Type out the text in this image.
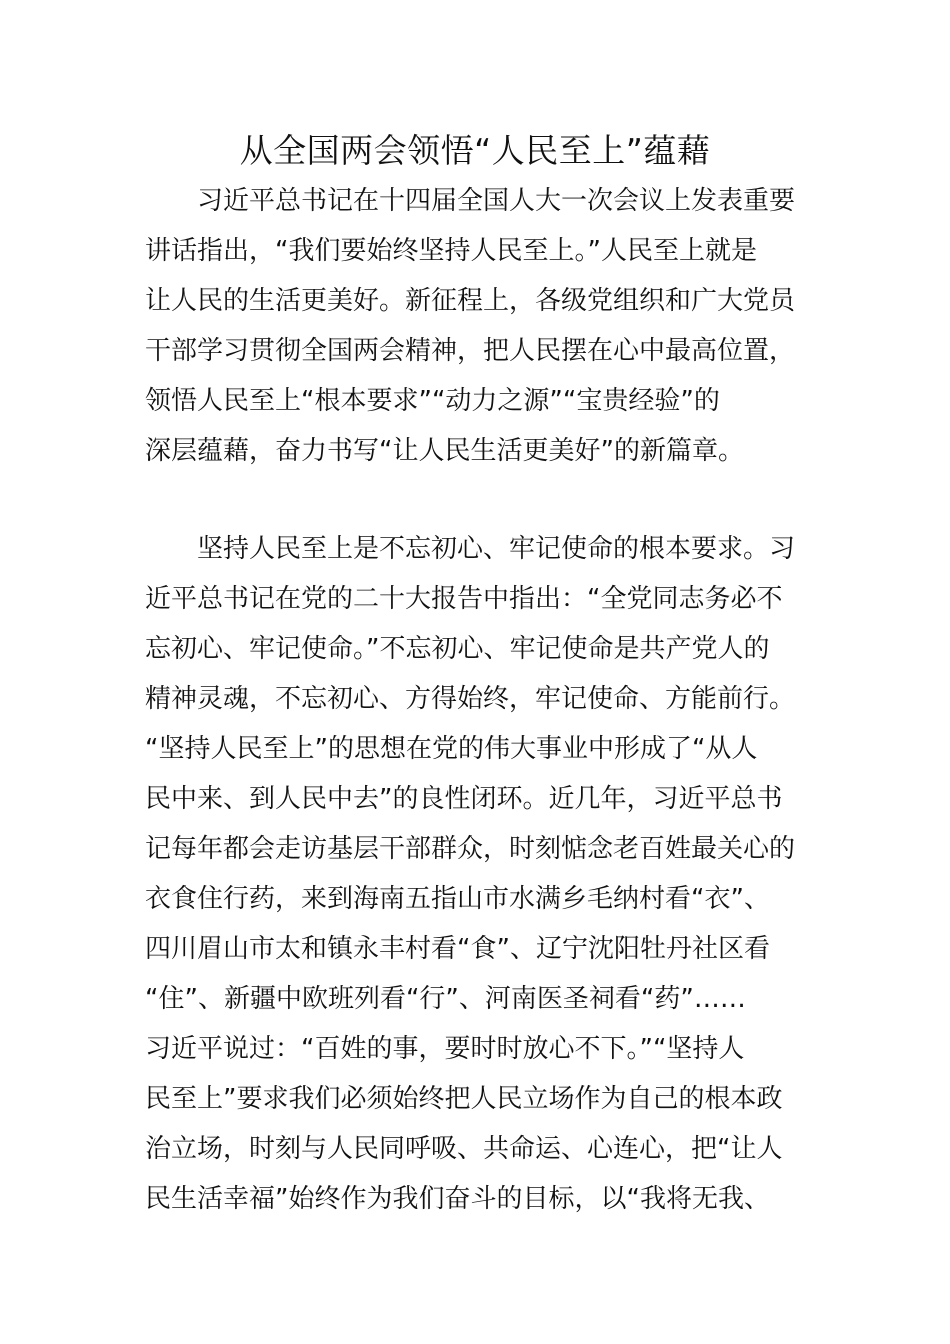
从全国两会领悟“人民至上”蕴藉
　　习近平总书记在十四届全国人大一次会议上发表重要
讲话指出，“我们要始终坚持人民至上。”人民至上就是
让人民的生活更美好。新征程上，各级党组织和广大党员
干部学习贯彻全国两会精神，把人民摆在心中最高位置，
领悟人民至上“根本要求”“动力之源”“宝贵经验”的
深层蕴藉，奋力书写“让人民生活更美好”的新篇章。
　　坚持人民至上是不忘初心、牢记使命的根本要求。习
近平总书记在党的二十大报告中指出：“全党同志务必不
忘初心、牢记使命。”不忘初心、牢记使命是共产党人的
精神灵魂，不忘初心、方得始终，牢记使命、方能前行。
“坚持人民至上”的思想在党的伟大事业中形成了“从人
民中来、到人民中去”的良性闭环。近几年，习近平总书
记每年都会走访基层干部群众，时刻惦念老百姓最关心的
衣食住行药，来到海南五指山市水满乡毛纳村看“衣”、
四川眉山市太和镇永丰村看“食”、辽宁沈阳牡丹社区看
“住”、新疆中欧班列看“行”、河南医圣祠看“药”……
习近平说过：“百姓的事，要时时放心不下。”“坚持人
民至上”要求我们必须始终把人民立场作为自己的根本政
治立场，时刻与人民同呼吸、共命运、心连心，把“让人
民生活幸福”始终作为我们奋斗的目标，以“我将无我、
